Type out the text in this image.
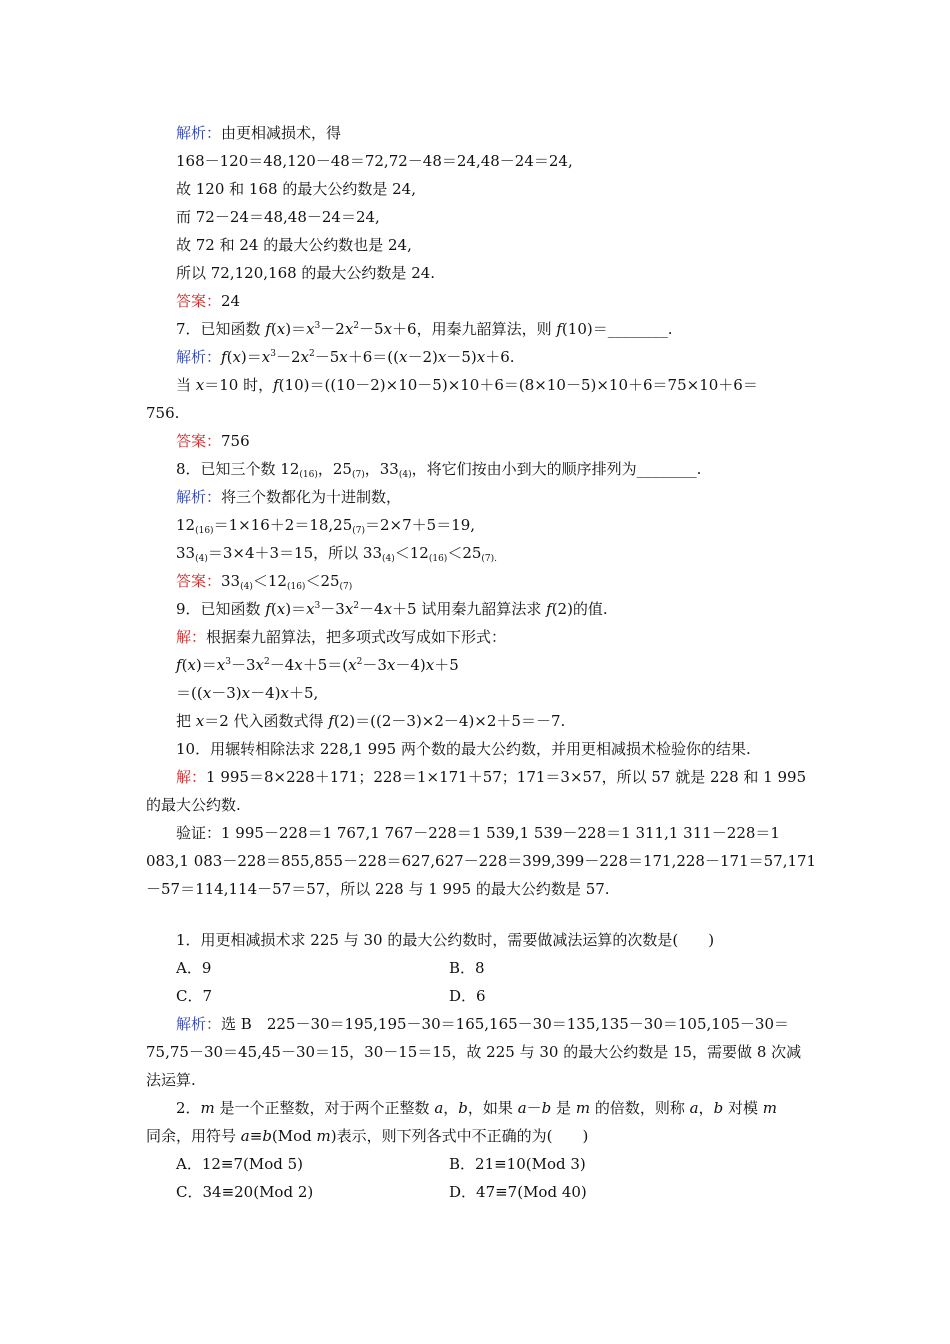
解析：由更相减损术，得
168－120＝48,120－48＝72,72－48＝24,48－24＝24,
故 120 和 168 的最大公约数是 24,
而 72－24＝48,48－24＝24,
故 72 和 24 的最大公约数也是 24,
所以 72,120,168 的最大公约数是 24.
答案：24
7．已知函数 $f(x)=x^3-2x^2-5x+6$，用秦九韶算法，则 f(10)＝________.
解析：$f(x)=x^3-2x^2-5x+6=((x-2)x-5)x+6$.
当 x＝10 时，f(10)＝((10－2)×10－5)×10＋6＝(8×10－5)×10＋6＝75×10＋6＝
756.
答案：756
8．已知三个数 $12_{(16)}$，$25_{(7)}$，$33_{(4)}$，将它们按由小到大的顺序排列为________.
解析：将三个数都化为十进制数，
$12_{(16)}=1\times 16+2=18,25_{(7)}=2\times 7+5=19$,
$33_{(4)}=3\times 4+3=15$，所以 $33_{(4)}<12_{(16)}<25_{(7).}$
答案：$33_{(4)}<12_{(16)}<25_{(7)}$
9．已知函数 $f(x)=x^3-3x^2-4x+5$ 试用秦九韶算法求 f(2)的值.
解：根据秦九韶算法，把多项式改写成如下形式：
$f(x)=x^3-3x^2-4x+5=(x^2-3x-4)x+5$
＝((x－3)x－4)x＋5,
把 x＝2 代入函数式得 f(2)＝((2－3)×2－4)×2＋5＝－7.
10．用辗转相除法求 228,1 995 两个数的最大公约数，并用更相减损术检验你的结果.
解：1 995＝8×228＋171；228＝1×171＋57；171＝3×57，所以 57 就是 228 和 1 995
的最大公约数.
验证：1 995－228＝1 767,1 767－228＝1 539,1 539－228＝1 311,1 311－228＝1
083,1 083－228＝855,855－228＝627,627－228＝399,399－228＝171,228－171＝57,171
－57＝114,114－57＝57，所以 228 与 1 995 的最大公约数是 57.
1．用更相减损术求 225 与 30 的最大公约数时，需要做减法运算的次数是(　　)
A．9	B．8
C．7	D．6
解析：选 B　225－30＝195,195－30＝165,165－30＝135,135－30＝105,105－30＝
75,75－30＝45,45－30＝15，30－15＝15，故 225 与 30 的最大公约数是 15，需要做 8 次减
法运算.
2．m 是一个正整数，对于两个正整数 a，b，如果 a－b 是 m 的倍数，则称 a，b 对模 m
同余，用符号 a≡b(Mod m)表示，则下列各式中不正确的为(　　)
A．12≡7(Mod 5)	B．21≡10(Mod 3)
C．34≡20(Mod 2)	D．47≡7(Mod 40)
